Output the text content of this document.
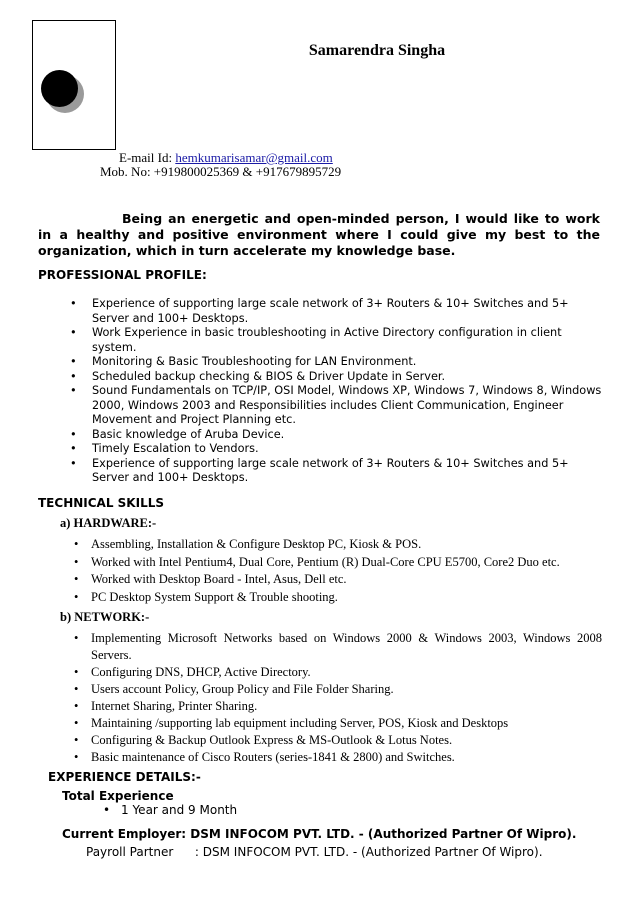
Samarendra Singha
E-mail Id: hemkumarisamar@gmail.com
Mob. No: +919800025369 & +917679895729
Being an energetic and open-minded person, I would like to work in a healthy and positive environment where I could give my best to the organization, which in turn accelerate my knowledge base.
PROFESSIONAL PROFILE:
• Experience of supporting large scale network of 3+ Routers & 10+ Switches and 5+ Server and 100+ Desktops.
• Work Experience in basic troubleshooting in Active Directory configuration in client system.
• Monitoring & Basic Troubleshooting for LAN Environment.
• Scheduled backup checking & BIOS & Driver Update in Server.
• Sound Fundamentals on TCP/IP, OSI Model, Windows XP, Windows 7, Windows 8, Windows 2000, Windows 2003 and Responsibilities includes Client Communication, Engineer Movement and Project Planning etc.
• Basic knowledge of Aruba Device.
• Timely Escalation to Vendors.
• Experience of supporting large scale network of 3+ Routers & 10+ Switches and 5+ Server and 100+ Desktops.
TECHNICAL SKILLS
a) HARDWARE:-
• Assembling, Installation & Configure Desktop PC, Kiosk & POS.
• Worked with Intel Pentium4, Dual Core, Pentium (R) Dual-Core CPU E5700, Core2 Duo etc.
• Worked with Desktop Board - Intel, Asus, Dell etc.
• PC Desktop System Support & Trouble shooting.
b) NETWORK:-
• Implementing Microsoft Networks based on Windows 2000 & Windows 2003, Windows 2008 Servers.
• Configuring DNS, DHCP, Active Directory.
• Users account Policy, Group Policy and File Folder Sharing.
• Internet Sharing, Printer Sharing.
• Maintaining /supporting lab equipment including Server, POS, Kiosk and Desktops
• Configuring & Backup Outlook Express & MS-Outlook & Lotus Notes.
• Basic maintenance of Cisco Routers (series-1841 & 2800) and Switches.
EXPERIENCE DETAILS:-
Total Experience
• 1 Year and 9 Month
Current Employer: DSM INFOCOM PVT. LTD. - (Authorized Partner Of Wipro).
Payroll Partner : DSM INFOCOM PVT. LTD. - (Authorized Partner Of Wipro).
